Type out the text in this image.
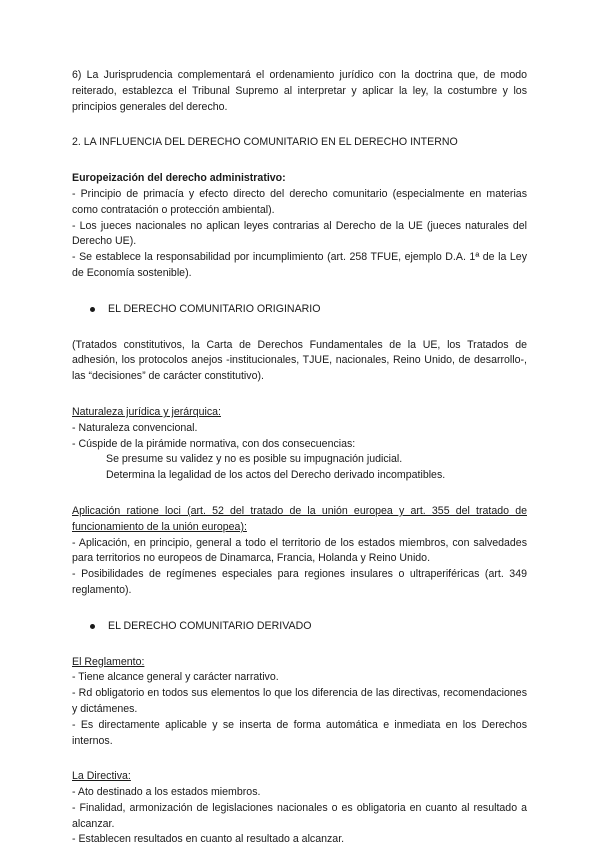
6) La Jurisprudencia complementará el ordenamiento jurídico con la doctrina que, de modo reiterado, establezca el Tribunal Supremo al interpretar y aplicar la ley, la costumbre y los principios generales del derecho.

2. LA INFLUENCIA DEL DERECHO COMUNITARIO EN EL DERECHO INTERNO

Europeización del derecho administrativo:

- Principio de primacía y efecto directo del derecho comunitario (especialmente en materias como contratación o protección ambiental).

- Los jueces nacionales no aplican leyes contrarias al Derecho de la UE (jueces naturales del Derecho UE).

- Se establece la responsabilidad por incumplimiento (art. 258 TFUE, ejemplo D.A. 1ª de la Ley de Economía sostenible).

EL DERECHO COMUNITARIO ORIGINARIO

(Tratados constitutivos, la Carta de Derechos Fundamentales de la UE, los Tratados de adhesión, los protocolos anejos -institucionales, TJUE, nacionales, Reino Unido, de desarrollo-, las “decisiones” de carácter constitutivo).

Naturaleza jurídica y jerárquica:

- Naturaleza convencional.

- Cúspide de la pirámide normativa, con dos consecuencias:

Se presume su validez y no es posible su impugnación judicial.

Determina la legalidad de los actos del Derecho derivado incompatibles.

Aplicación ratione loci (art. 52 del tratado de la unión europea y art. 355 del tratado de funcionamiento de la unión europea):

- Aplicación, en principio, general a todo el territorio de los estados miembros, con salvedades para territorios no europeos de Dinamarca, Francia, Holanda y Reino Unido.

- Posibilidades de regímenes especiales para regiones insulares o ultraperiféricas (art. 349 reglamento).

EL DERECHO COMUNITARIO DERIVADO

El Reglamento:

- Tiene alcance general y carácter narrativo.

- Rd obligatorio en todos sus elementos lo que los diferencia de las directivas, recomendaciones y dictámenes.

- Es directamente aplicable y se inserta de forma automática e inmediata en los Derechos internos.

La Directiva:

- Ato destinado a los estados miembros.

- Finalidad, armonización de legislaciones nacionales o es obligatoria en cuanto al resultado a alcanzar.

- Establecen resultados en cuanto al resultado a alcanzar.
